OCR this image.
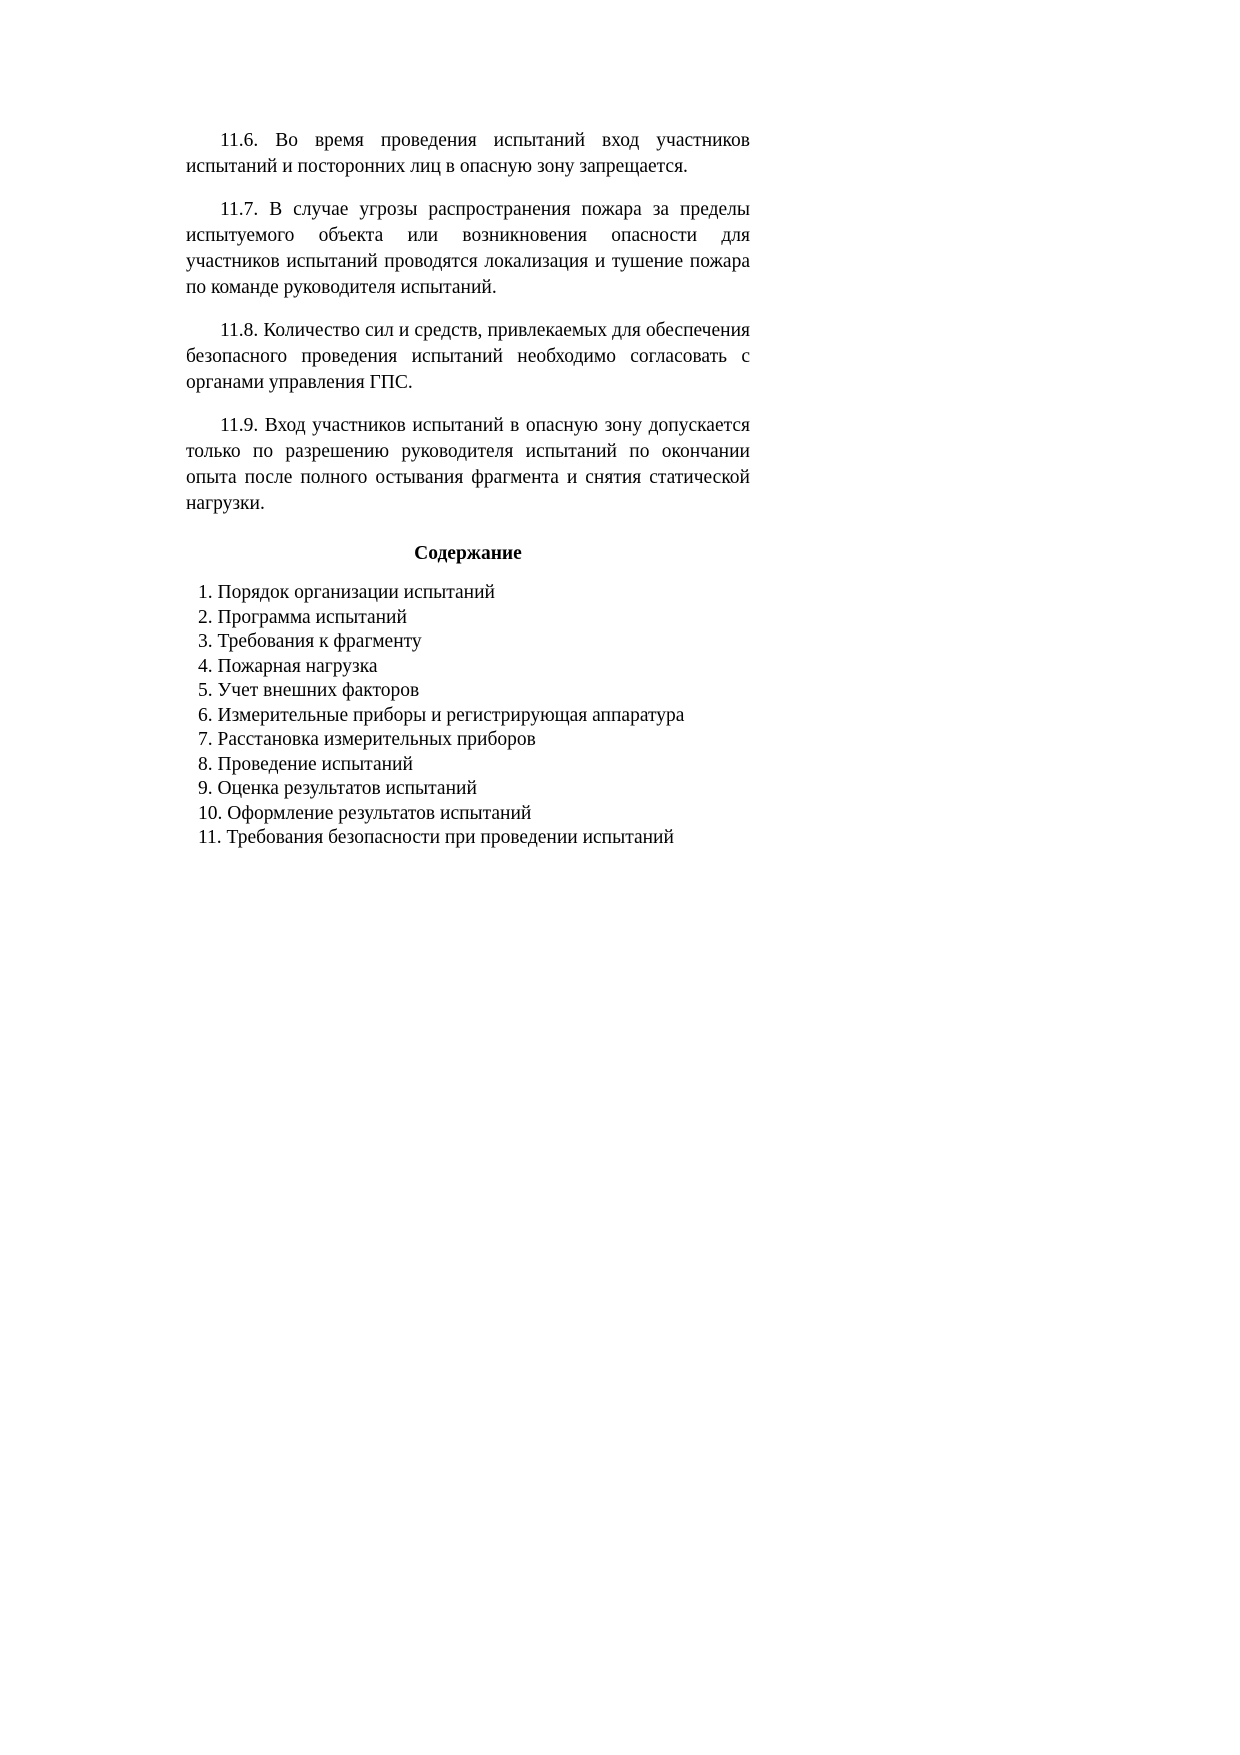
11.6. Во время проведения испытаний вход участников испытаний и посторонних лиц в опасную зону запрещается.

11.7. В случае угрозы распространения пожара за пределы испытуемого объекта или возникновения опасности для участников испытаний проводятся локализация и тушение пожара по команде руководителя испытаний.

11.8. Количество сил и средств, привлекаемых для обеспечения безопасного проведения испытаний необходимо согласовать с органами управления ГПС.

11.9. Вход участников испытаний в опасную зону допускается только по разрешению руководителя испытаний по окончании опыта после полного остывания фрагмента и снятия статической нагрузки.

Содержание
1. Порядок организации испытаний
2. Программа испытаний
3. Требования к фрагменту
4. Пожарная нагрузка
5. Учет внешних факторов
6. Измерительные приборы и регистрирующая аппаратура
7. Расстановка измерительных приборов
8. Проведение испытаний
9. Оценка результатов испытаний
10. Оформление результатов испытаний
11. Требования безопасности при проведении испытаний
